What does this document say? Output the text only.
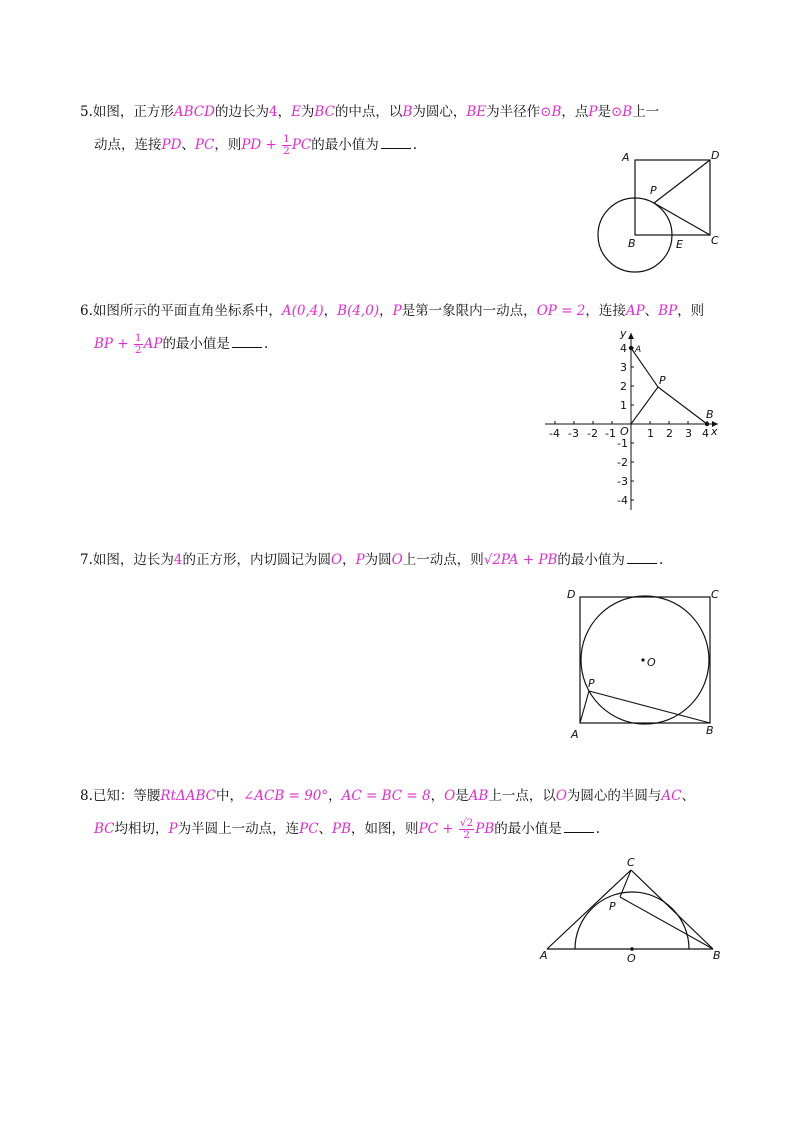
5.如图，正方形ABCD的边长为4，E为BC的中点，以B为圆心，BE为半径作⊙B，点P是⊙B上一
动点，连接PD、PC，则PD + $\frac{1}{2}$ PC的最小值为	.
A	D
P
B	E	C
6.如图所示的平面直角坐标系中，A(0,4)，B(4,0)，P是第一象限内一动点，OP = 2，连接AP、BP，则
BP + $\frac{1}{2}$ AP的最小值是	.
y
x
A
P
B
O
-4 -3 -2 -1	1 2 3 4
4
3
2
1
-1
-2
-3
-4
7.如图，边长为4的正方形，内切圆记为圆O，P为圆O上一动点，则√2PA + PB的最小值为	.
D	C
O
P
A	B
8.已知：等腰RtΔABC中，∠ACB = 90°，AC = BC = 8，O是AB上一点，以O为圆心的半圆与AC、
BC均相切，P为半圆上一动点，连PC、PB，如图，则PC + $\frac{√2}{2}$ PB的最小值是	.
C
P
A	O	B
